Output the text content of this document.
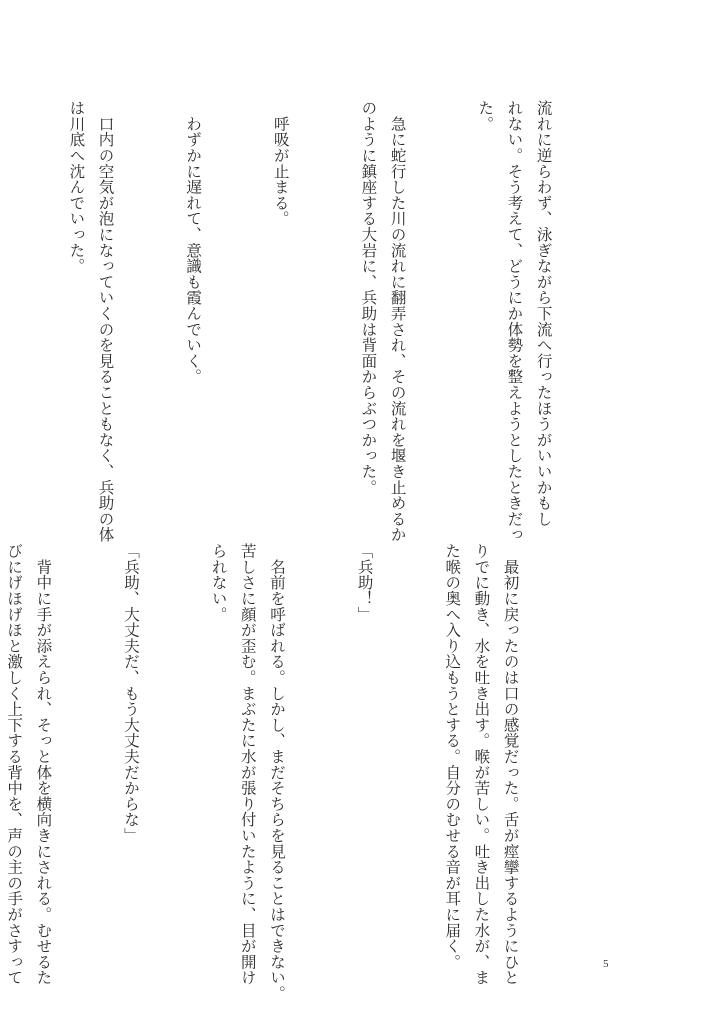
流れに逆らわず、泳ぎながら下流へ行ったほうがいいかもし
れない。そう考えて、どうにか体勢を整えようとしたときだっ
た。

　急に蛇行した川の流れに翻弄され、その流れを堰き止めるか
のように鎮座する大岩に、兵助は背面からぶつかった。

　呼吸が止まる。

　わずかに遅れて、意識も霞んでいく。

　口内の空気が泡になっていくのを見ることもなく、兵助の体
は川底へ沈んでいった。

　最初に戻ったのは口の感覚だった。舌が痙攣するようにひと
りでに動き、水を吐き出す。喉が苦しい。吐き出した水が、ま
た喉の奥へ入り込もうとする。自分のむせる音が耳に届く。

「兵助！」

　名前を呼ばれる。しかし、まだそちらを見ることはできない。
苦しさに顔が歪む。まぶたに水が張り付いたように、目が開け
られない。

「兵助、大丈夫だ、もう大丈夫だからな」

　背中に手が添えられ、そっと体を横向きにされる。むせるた
びにげほげほと激しく上下する背中を、声の主の手がさすって

	5
